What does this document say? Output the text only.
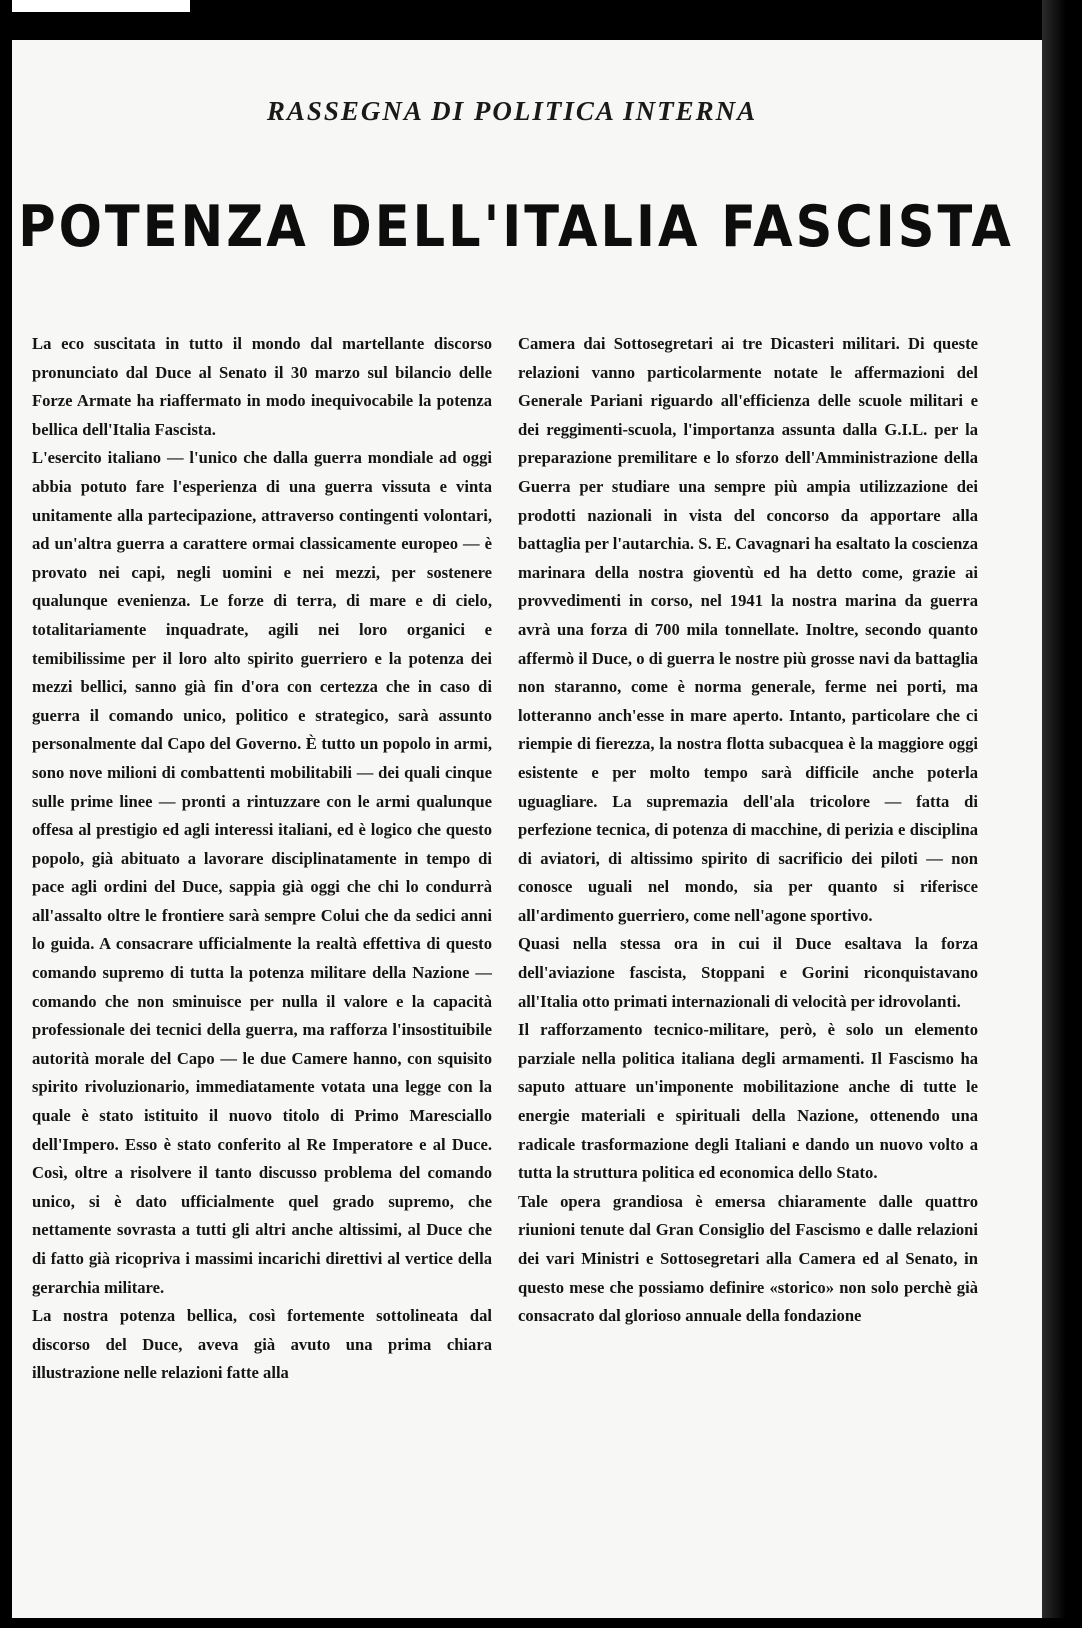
RASSEGNA DI POLITICA INTERNA
POTENZA DELL'ITALIA FASCISTA

La eco suscitata in tutto il mondo dal martellante discorso pronunciato dal Duce al Senato il 30 marzo sul bilancio delle Forze Armate ha riaffermato in modo inequivocabile la potenza bellica dell'Italia Fascista.

L'esercito italiano — l'unico che dalla guerra mondiale ad oggi abbia potuto fare l'esperienza di una guerra vissuta e vinta unitamente alla partecipazione, attraverso contingenti volontari, ad un'altra guerra a carattere ormai classicamente europeo — è provato nei capi, negli uomini e nei mezzi, per sostenere qualunque evenienza. Le forze di terra, di mare e di cielo, totalitariamente inquadrate, agili nei loro organici e temibilissime per il loro alto spirito guerriero e la potenza dei mezzi bellici, sanno già fin d'ora con certezza che in caso di guerra il comando unico, politico e strategico, sarà assunto personalmente dal Capo del Governo. È tutto un popolo in armi, sono nove milioni di combattenti mobilitabili — dei quali cinque sulle prime linee — pronti a rintuzzare con le armi qualunque offesa al prestigio ed agli interessi italiani, ed è logico che questo popolo, già abituato a lavorare disciplinatamente in tempo di pace agli ordini del Duce, sappia già oggi che chi lo condurrà all'assalto oltre le frontiere sarà sempre Colui che da sedici anni lo guida. A consacrare ufficialmente la realtà effettiva di questo comando supremo di tutta la potenza militare della Nazione — comando che non sminuisce per nulla il valore e la capacità professionale dei tecnici della guerra, ma rafforza l'insostituibile autorità morale del Capo — le due Camere hanno, con squisito spirito rivoluzionario, immediatamente votata una legge con la quale è stato istituito il nuovo titolo di Primo Maresciallo dell'Impero. Esso è stato conferito al Re Imperatore e al Duce. Così, oltre a risolvere il tanto discusso problema del comando unico, si è dato ufficialmente quel grado supremo, che nettamente sovrasta a tutti gli altri anche altissimi, al Duce che di fatto già ricopriva i massimi incarichi direttivi al vertice della gerarchia militare.

La nostra potenza bellica, così fortemente sottolineata dal discorso del Duce, aveva già avuto una prima chiara illustrazione nelle relazioni fatte alla

Camera dai Sottosegretari ai tre Dicasteri militari. Di queste relazioni vanno particolarmente notate le affermazioni del Generale Pariani riguardo all'efficienza delle scuole militari e dei reggimenti-scuola, l'importanza assunta dalla G.I.L. per la preparazione premilitare e lo sforzo dell'Amministrazione della Guerra per studiare una sempre più ampia utilizzazione dei prodotti nazionali in vista del concorso da apportare alla battaglia per l'autarchia. S. E. Cavagnari ha esaltato la coscienza marinara della nostra gioventù ed ha detto come, grazie ai provvedimenti in corso, nel 1941 la nostra marina da guerra avrà una forza di 700 mila tonnellate. Inoltre, secondo quanto affermò il Duce, o di guerra le nostre più grosse navi da battaglia non staranno, come è norma generale, ferme nei porti, ma lotteranno anch'esse in mare aperto. Intanto, particolare che ci riempie di fierezza, la nostra flotta subacquea è la maggiore oggi esistente e per molto tempo sarà difficile anche poterla uguagliare. La supremazia dell'ala tricolore — fatta di perfezione tecnica, di potenza di macchine, di perizia e disciplina di aviatori, di altissimo spirito di sacrificio dei piloti — non conosce uguali nel mondo, sia per quanto si riferisce all'ardimento guerriero, come nell'agone sportivo.

Quasi nella stessa ora in cui il Duce esaltava la forza dell'aviazione fascista, Stoppani e Gorini riconquistavano all'Italia otto primati internazionali di velocità per idrovolanti.

Il rafforzamento tecnico-militare, però, è solo un elemento parziale nella politica italiana degli armamenti. Il Fascismo ha saputo attuare un'imponente mobilitazione anche di tutte le energie materiali e spirituali della Nazione, ottenendo una radicale trasformazione degli Italiani e dando un nuovo volto a tutta la struttura politica ed economica dello Stato.

Tale opera grandiosa è emersa chiaramente dalle quattro riunioni tenute dal Gran Consiglio del Fascismo e dalle relazioni dei vari Ministri e Sottosegretari alla Camera ed al Senato, in questo mese che possiamo definire «storico» non solo perchè già consacrato dal glorioso annuale della fondazione
